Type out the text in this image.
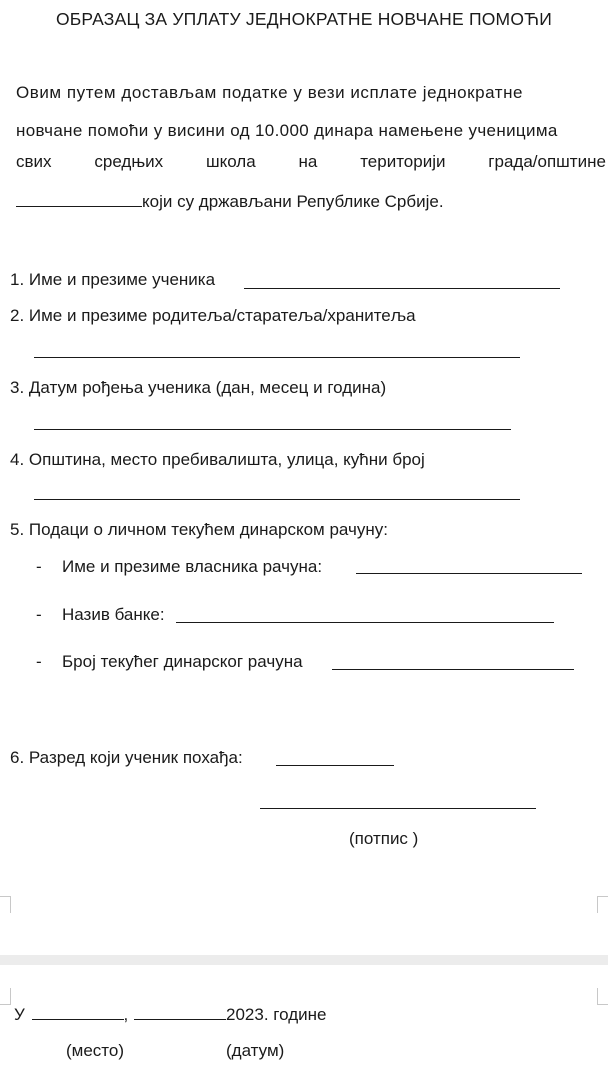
ОБРАЗАЦ ЗА УПЛАТУ ЈЕДНОКРАТНЕ НОВЧАНЕ ПОМОЋИ
Овим путем достављам податке у вези исплате једнократне
новчане помоћи у висини од 10.000 динара намењене ученицима
свих	средњих	школа	на	територији	града/општине
који су држављани Републике Србије.
1. Име и презиме ученика
2. Име и презиме родитеља/старатеља/хранитеља
3. Датум рођења ученика (дан, месец и година)
4. Општина, место пребивалишта, улица, кућни број
5. Подаци о личном текућем динарском рачуну:
- Име и презиме власника рачуна:
- Назив банке:
- Број текућег динарског рачуна
6. Разред који ученик похађа:
(потпис )
У	,	2023. године
(место)	(датум)
